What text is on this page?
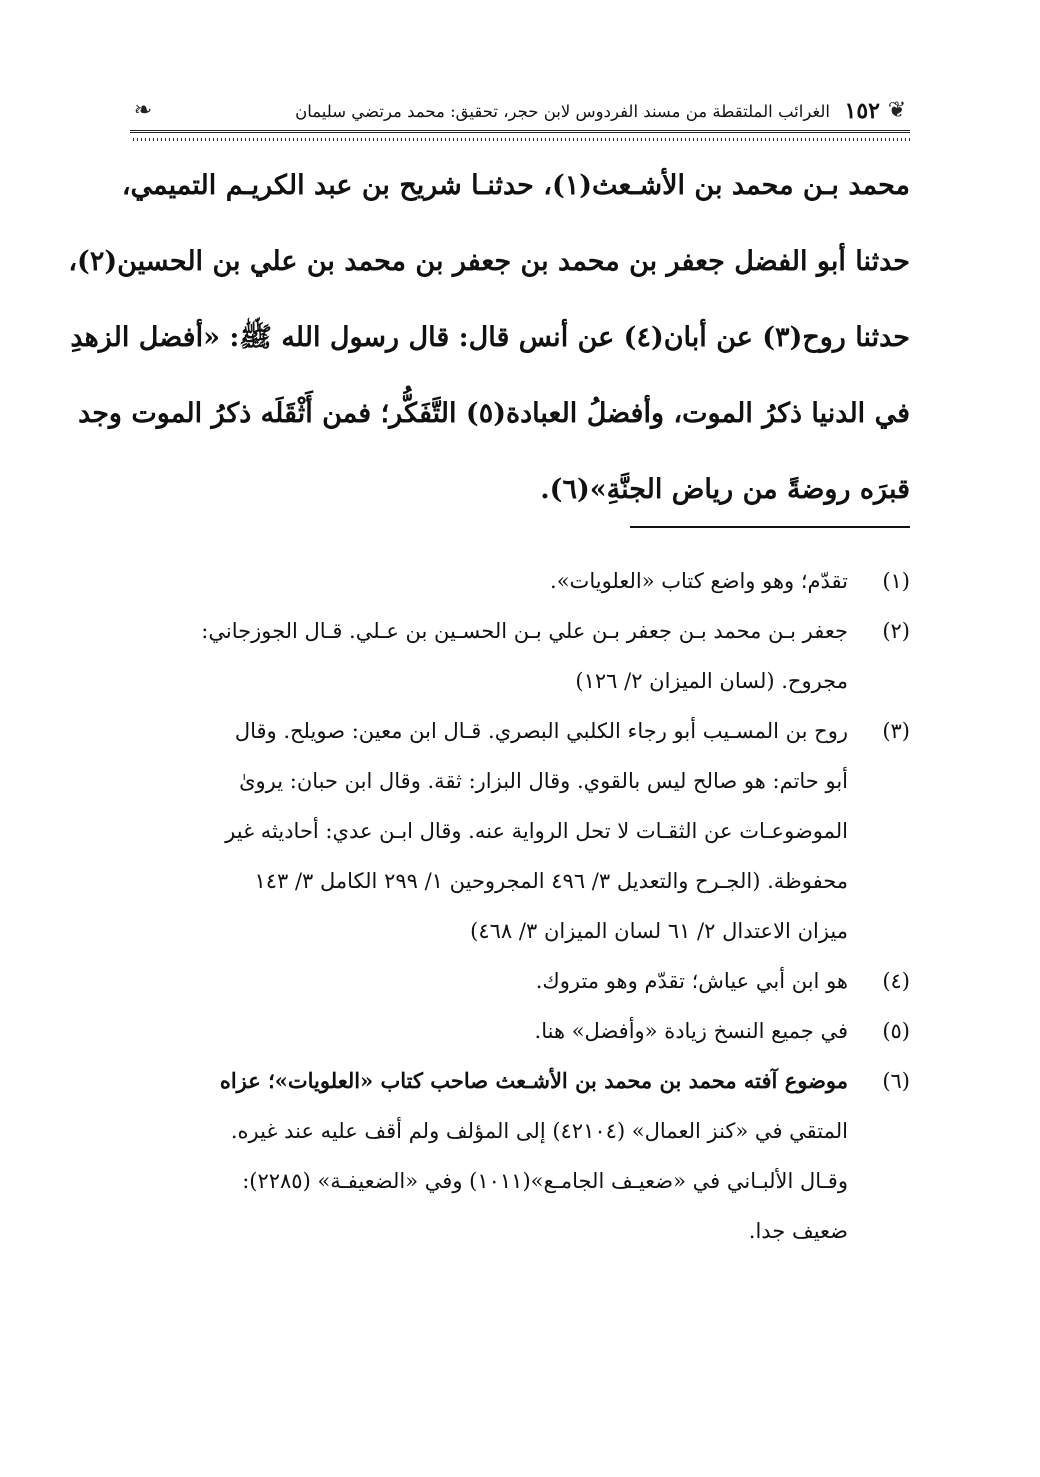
❦
١٥٢
الغرائب الملتقطة من مسند الفردوس لابن حجر، تحقيق: محمد مرتضي سليمان
❧

محمد بـن محمد بن الأشـعث(١)، حدثنـا شريح بن عبد الكريـم التميمي،
حدثنا أبو الفضل جعفر بن محمد بن جعفر بن محمد بن علي بن الحسين(٢)،
حدثنا روح(٣) عن أبان(٤) عن أنس قال: قال رسول الله ﷺ: «أفضل الزهدِ
في الدنيا ذكرُ الموت، وأفضلُ العبادة(٥) التَّفَكُّر؛ فمن أَثْقَلَه ذكرُ الموت وجد
قبرَه روضةً من رياض الجنَّةِ»(٦).

(١)
تقدّم؛ وهو واضع كتاب «العلويات».
(٢)
جعفر بـن محمد بـن جعفر بـن علي بـن الحسـين بن عـلي. قـال الجوزجاني:
مجروح. (لسان الميزان ٢/ ١٢٦)
(٣)
روح بن المسـيب أبو رجاء الكلبي البصري. قـال ابن معين: صويلح. وقال
أبو حاتم: هو صالح ليس بالقوي. وقال البزار: ثقة. وقال ابن حبان: يروىٰ
الموضوعـات عن الثقـات لا تحل الرواية عنه. وقال ابـن عدي: أحاديثه غير
محفوظة. (الجـرح والتعديل ٣/ ٤٩٦ المجروحين ١/ ٢٩٩ الكامل ٣/ ١٤٣
ميزان الاعتدال ٢/ ٦١ لسان الميزان ٣/ ٤٦٨)
(٤)
هو ابن أبي عياش؛ تقدّم وهو متروك.
(٥)
في جميع النسخ زيادة «وأفضل» هنا.
(٦)
موضوع آفته محمد بن محمد بن الأشـعث صاحب كتاب «العلويات»؛ عزاه
المتقي في «كنز العمال» (٤٢١٠٤) إلى المؤلف ولم أقف عليه عند غيره.
وقـال الألبـاني في «ضعيـف الجامـع»(١٠١١) وفي «الضعيفـة» (٢٢٨٥):
ضعيف جدا.
